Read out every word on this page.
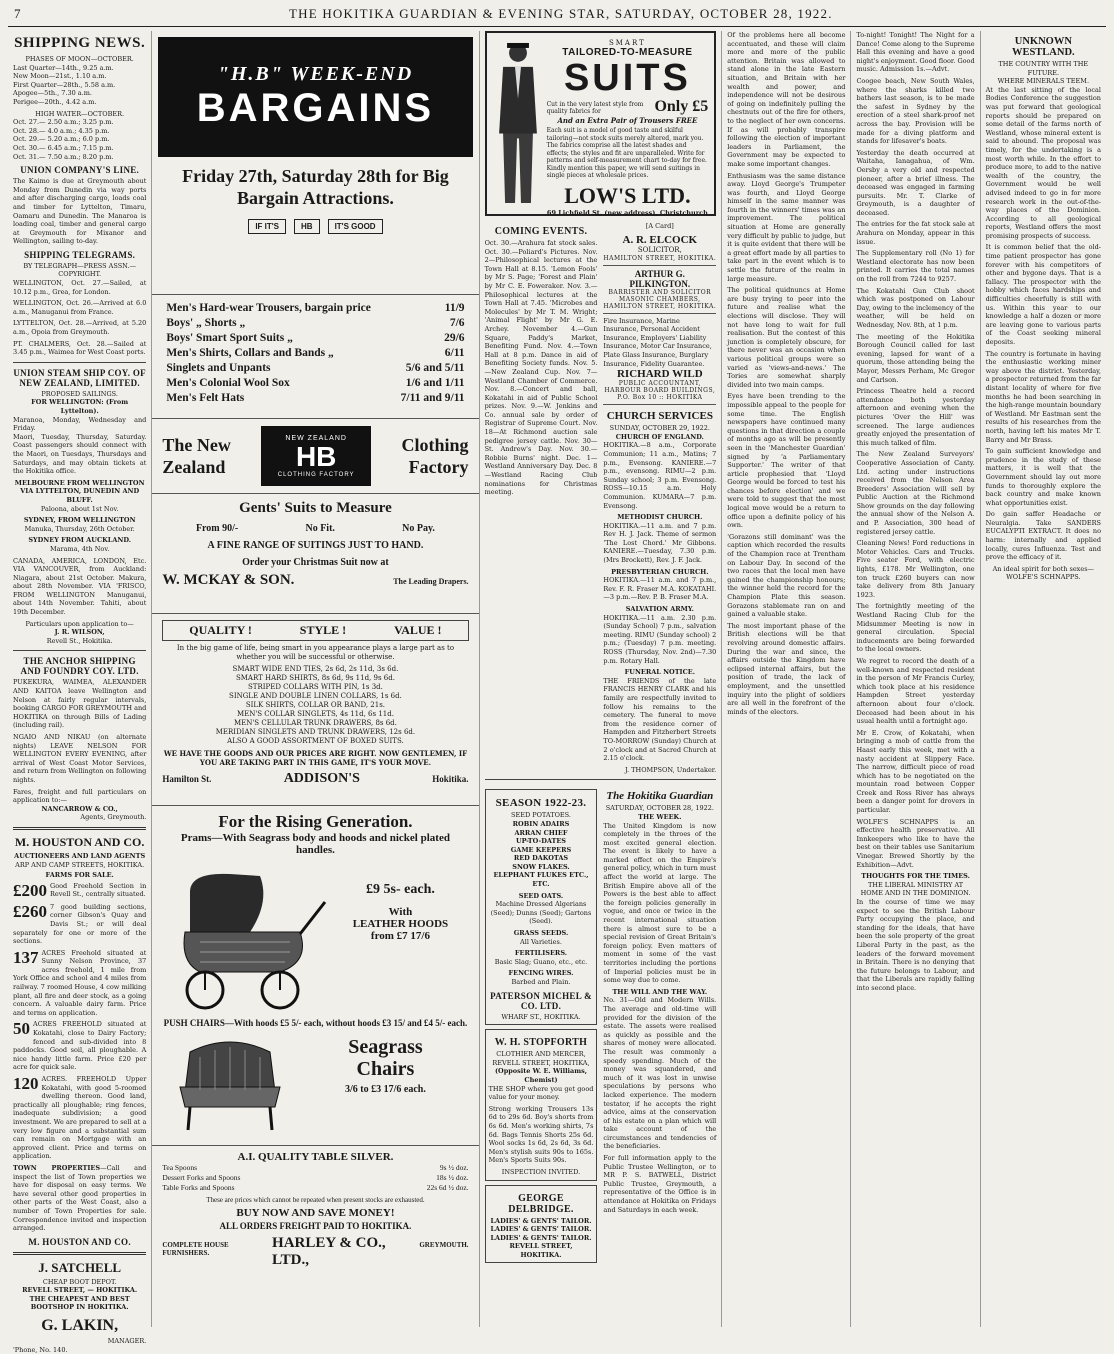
7	THE HOKITIKA GUARDIAN & EVENING STAR, SATURDAY, OCTOBER 28, 1922.
SHIPPING NEWS.
PHASES OF MOON—OCTOBER.
Last Quarter—14th., 9.25 a.m.
New Moon—21st., 1.10 a.m.
First Quarter—28th., 5.58 a.m.
Apogee—5th., 7.30 a.m.
Perigee—20th., 4.42 a.m.
HIGH WATER—OCTOBER.
Oct. 27.— 2.50 a.m.; 3.25 p.m.
Oct. 28.— 4.0 a.m.; 4.35 p.m.
Oct. 29.— 5.20 a.m.; 6.0 p.m.
Oct. 30.— 6.45 a.m.; 7.15 p.m.
Oct. 31.— 7.50 a.m.; 8.20 p.m.
UNION COMPANY'S LINE.
The Kaimo is due at Greymouth about Monday from Dunedin via way ports and after discharging cargo, loads coal and timber for Lyttelton, Timaru, Oamaru and Dunedin. The Manaroa is loading coal, timber and general cargo at Greymouth for Mixanor and Wellington, sailing to-day.
SHIPPING TELEGRAMS.
BY TELEGRAPH—PRESS ASSN.—COPYRIGHT.
WELLINGTON, Oct. 27.—Sailed, at 10.12 p.m., Grea, for London.
WELLINGTON, Oct. 26.—Arrived at 6.0 a.m., Manuganui from France.
LYTTELTON, Oct. 28.—Arrived, at 5.20 a.m., Opoia from Greymouth.
PT. CHALMERS, Oct. 28.—Sailed at 3.45 p.m., Waimea for West Coast ports.
UNION STEAM SHIP COY. OF NEW ZEALAND, LIMITED.
PROPOSED SAILINGS.
FOR WELLINGTON: (From Lyttelton).
Maranoa, Monday, Wednesday and Friday.
Maori, Tuesday, Thursday, Saturday. Coast passengers should connect with the Maori, on Tuesdays, Thursdays and Saturdays, and may obtain tickets at the Hokitika office.
MELBOURNE FROM WELLINGTON VIA LYTTELTON, DUNEDIN AND BLUFF.
Paloona, about 1st Nov.
SYDNEY, FROM WELLINGTON
Manuka, Thursday, 26th October.
SYDNEY FROM AUCKLAND.
Marama, 4th Nov.
CANADA, AMERICA, LONDON, Etc. VIA VANCOUVER, from Auckland: Niagara, about 21st October. Makura, about 28th November. VIA 'FRISCO, FROM WELLINGTON Manuganui, about 14th November. Tahiti, about 19th December.
Particulars upon application to—
J. R. WILSON,
Revell St., Hokitika.
THE ANCHOR SHIPPING AND FOUNDRY COY. LTD.
PUKEKURA, WAIMEA, ALEXANDER AND KAITOA leave Wellington and Nelson at fairly regular intervals, booking CARGO FOR GREYMOUTH and HOKITIKA on through Bills of Lading (including rail).
NGAIO AND NIKAU (on alternate nights) LEAVE NELSON FOR WELLINGTON EVERY EVENING, after arrival of West Coast Motor Services, and return from Wellington on following nights.
Fares, freight and full particulars on application to:—
NANCARROW & CO.,
Agents, Greymouth.
M. HOUSTON AND CO.
AUCTIONEERS AND LAND AGENTS
ARP AND CAMP STREETS, HOKITIKA.
FARMS FOR SALE.
£200 Good Freehold Section in Revell St., centrally situated.
£260 7 good building sections, corner Gibson's Quay and Davis St.; or will deal separately for one or more of the sections.
137 ACRES Freehold situated at Sunny Nelson Province, 37 acres freehold, 1 mile from York Office and school and 4 miles from railway. 7 roomed House, 4 cow milking plant, all fire and deer stock, as a going concern. A valuable dairy farm. Price and terms on application.
50 ACRES FREEHOLD situated at Kokatahi, close to Dairy Factory; fenced and sub-divided into 8 paddocks. Good soil, all ploughable. A nice handy little farm. Price £20 per acre for quick sale.
120 ACRES. FREEHOLD Upper Kokatahi, with good 5-roomed dwelling thereon. Good land, practically all ploughable; ring fences, inadequate subdivision; a good investment. We are prepared to sell at a very low figure and a substantial sum can remain on Mortgage with an approved client. Price and terms on application.
TOWN PROPERTIES—Call and inspect the list of Town properties we have for disposal on easy terms. We have several other good properties in other parts of the West Coast, also a number of Town Properties for sale. Correspondence invited and inspection arranged.
M. HOUSTON AND CO.
J. SATCHELL
CHEAP BOOT DEPOT.
REVELL STREET, — HOKITIKA.
THE CHEAPEST AND BEST BOOTSHOP IN HOKITIKA.
G. LAKIN,
MANAGER.
'Phone, No. 140.
"H.B" WEEK-END
BARGAINS
Friday 27th, Saturday 28th for Big Bargain Attractions.
IF IT'S	HB	IT'S GOOD
Men's Hard-wear Trousers, bargain price	11/9
Boys' „ Shorts „	7/6
Boys' Smart Sport Suits „	29/6
Men's Shirts, Collars and Bands „	6/11
Singlets and Unpants	5/6 and 5/11
Men's Colonial Wool Sox	1/6 and 1/11
Men's Felt Hats	7/11 and 9/11
The New
Zealand
NEW ZEALAND
HB
CLOTHING FACTORY
Clothing
Factory
Gents' Suits to Measure
From 90/-	No Fit.	No Pay.
A FINE RANGE OF SUITINGS JUST TO HAND.
Order your Christmas Suit now at
W. MCKAY & SON.	The Leading Drapers.
QUALITY !	STYLE !	VALUE !
In the big game of life, being smart in you appearance plays a large part as to whether you will be successful or otherwise.
SMART WIDE END TIES, 2s 6d, 2s 11d, 3s 6d.
SMART HARD SHIRTS, 8s 6d, 9s 11d, 9s 6d.
STRIPED COLLARS WITH PIN, 1s 3d.
SINGLE AND DOUBLE LINEN COLLARS, 1s 6d.
SILK SHIRTS, COLLAR OR BAND, 21s.
MEN'S COLLAR SINGLETS, 4s 11d, 6s 11d.
MEN'S CELLULAR TRUNK DRAWERS, 8s 6d.
MERIDIAN SINGLETS AND TRUNK DRAWERS, 12s 6d.
ALSO A GOOD ASSORTMENT OF BOXED SUITS.
WE HAVE THE GOODS AND OUR PRICES ARE RIGHT. NOW GENTLEMEN, IF YOU ARE TAKING PART IN THIS GAME, IT'S YOUR MOVE.
Hamilton St.	ADDISON'S	Hokitika.
For the Rising Generation.
Prams—With Seagrass body and hoods and nickel plated handles.
£9 5s- each.
With
LEATHER HOODS
from £7 17/6
PUSH CHAIRS—With hoods £5 5/- each, without hoods £3 15/ and £4 5/- each.
Seagrass
Chairs
3/6 to £3 17/6 each.
A.I. QUALITY TABLE SILVER.
Tea Spoons	9s ½ doz.
Dessert Forks and Spoons	18s ½ doz.
Table Forks and Spoons	22s 6d ½ doz.
These are prices which cannot be repeated when present stocks are exhausted.
BUY NOW AND SAVE MONEY!
ALL ORDERS FREIGHT PAID TO HOKITIKA.
COMPLETE HOUSE FURNISHERS.
HARLEY & CO., LTD.,
GREYMOUTH.
SMART
TAILORED-TO-MEASURE
SUITS
Cut in the very latest style from quality fabrics for	Only £5
And an Extra Pair of Trousers FREE
Each suit is a model of good taste and skilful tailoring—not stock suits merely altered, mark you. The fabrics comprise all the latest shades and effects; the styles and fit are unparalleled. Write for patterns and self-measurement chart to-day for free. Kindly mention this paper, we will send suitings in single pieces at wholesale prices.
LOW'S LTD.
69 Lichfield St. (new address), Christchurch
COMING EVENTS.
Oct. 30.—Arahura fat stock sales. Oct. 30.—Poliard's Pictures. Nov. 2—Philosophical lectures at the Town Hall at 8.15. 'Lemon Fools' by Mr S. Page; 'Forest and Plain' by Mr C. E. Foweraker. Nov. 3.—Philosophical lectures at the Town Hall at 7.45. 'Microbes and Molecules' by Mr T. M. Wright; 'Animal Flight' by Mr G. E. Archey. November 4.—Gun Square, Paddy's Market, Benefiting Fund. Nov. 4.—Town Hall at 8 p.m. Dance in aid of Benefiting Society funds. Nov. 5.—New Zealand Cup. Nov. 7—Westland Chamber of Commerce. Nov. 8.—Concert and ball, Kokatahi in aid of Public School prizes. Nov. 9.—W. Jenkins and Co. annual sale by order of Registrar of Supreme Court. Nov. 18—At Richmond auction sale pedigree jersey cattle. Nov. 30—St. Andrew's Day. Nov. 30.—Robbie Burns' night. Dec. 1—Westland Anniversary Day. Dec. 8—Westland Racing Club nominations for Christmas meeting.
[A Card]
A. R. ELCOCK
SOLICITOR,
HAMILTON STREET, HOKITIKA.
ARTHUR G. PILKINGTON.
BARRISTER AND SOLICITOR
MASONIC CHAMBERS,
HAMILTON STREET, HOKITIKA.
Fire Insurance, Marine Insurance, Personal Accident Insurance, Employers' Liability Insurance, Motor Car Insurance, Plate Glass Insurance, Burglary Insurance, Fidelity Guarantee.
RICHARD WILD
PUBLIC ACCOUNTANT,
HARBOUR BOARD BUILDINGS, P.O. Box 10 :: HOKITIKA
CHURCH SERVICES
SUNDAY, OCTOBER 29, 1922.
CHURCH OF ENGLAND.
HOKITIKA.—8 a.m., Corporate Communion; 11 a.m., Matins; 7 p.m., Evensong. KANIERE.—7 p.m., evensong. RIMU—2 p.m. Sunday school; 3 p.m. Evensong. ROSS—10.15 a.m. Holy Communion. KUMARA—7 p.m. Evensong.
METHODIST CHURCH.
HOKITIKA.—11 a.m. and 7 p.m. Rev H. J. Jack. Theme of sermon 'The Lost Chord.' Mr Gibbons. KANIERE.—Tuesday, 7.30 p.m. (Mrs Brockett), Rev. J. F. Jack.
PRESBYTERIAN CHURCH.
HOKITIKA.—11 a.m. and 7 p.m., Rev. F. R. Fraser M.A. KOKATAHI.—3 p.m.—Rev. P. B. Fraser M.A.
SALVATION ARMY.
HOKITIKA.—11 a.m. 2.30 p.m. (Sunday School) 7 p.m., salvation meeting. RIMU (Sunday school) 2 p.m.; (Tuesday) 7 p.m. meeting. ROSS (Thursday, Nov. 2nd)—7.30 p.m. Rotary Hall.
FUNERAL NOTICE.
THE FRIENDS of the late FRANCIS HENRY CLARK and his family are respectfully invited to follow his remains to the cemetery. The funeral to move from the residence corner of Hampden and Fitzherbert Streets TO-MORROW (Sunday) Church at 2 o'clock and at Sacred Church at 2.15 o'clock.
J. THOMPSON, Undertaker.
SEASON 1922-23.
SEED POTATOES.
ROBIN ADAIRS
ARRAN CHIEF
UP-TO-DATES
GAME KEEPERS
RED DAKOTAS
SNOW FLAKES.
ELEPHANT FLUKES ETC., ETC.
SEED OATS.
Machine Dressed Algerians (Seed); Dunns (Seed); Gartons (Seed).
GRASS SEEDS.
All Varieties.
FERTILISERS.
Basic Slag; Guano, etc., etc.
FENCING WIRES.
Barbed and Plain.
PATERSON MICHEL & CO. LTD.
WHARF ST., HOKITIKA.
W. H. STOPFORTH
CLOTHIER AND MERCER,
REVELL STREET, HOKITIKA,
(Opposite W. E. Williams, Chemist)
THE SHOP where you get good value for your money.
Strong working Trousers 13s 6d to 29s 6d. Boy's shorts from 6s 6d. Men's working shirts, 7s 6d. Bags Tennis Shorts 25s 6d. Wool socks 1s 6d, 2s 6d, 3s 6d. Men's stylish suits 90s to 165s. Men's Sports Suits 90s.
INSPECTION INVITED.
GEORGE DELBRIDGE.
LADIES' & GENTS' TAILOR.
LADIES' & GENTS' TAILOR.
LADIES' & GENTS' TAILOR.
REVELL STREET, HOKITIKA.
The Hokitika Guardian
SATURDAY, OCTOBER 28, 1922.
THE WEEK.
The United Kingdom is now completely in the throes of the most excited general election. The event is likely to have a marked effect on the Empire's general policy, which in turn must affect the world at large. The British Empire above all of the Powers is the best able to affect the foreign policies generally in vogue, and once or twice in the recent international situation there is almost sure to be a special revision of Great Britain's foreign policy. Even matters of moment in some of the vast territories including the portions of Imperial policies must be in some way due to come.
THE WILL AND THE WAY.
No. 31—Old and Modern Wills. The average and old-time will provided for the division of the estate. The assets were realised as quickly as possible and the shares of money were allocated. The result was commonly a speedy spending. Much of the money was squandered, and much of it was lost in unwise speculations by persons who lacked experience. The modern testator, if he accepts the right advice, aims at the conservation of his estate on a plan which will take account of the circumstances and tendencies of the beneficiaries.
For full information apply to the Public Trustee Wellington, or to MR P. S. BATWELL, District Public Trustee, Greymouth, a representative of the Office is in attendance at Hokitika on Fridays and Saturdays in each week.
Of the problems here all become accentuated, and these will claim more and more of the public attention. Britain was allowed to stand alone in the late Eastern situation, and Britain with her wealth and power, and independence will not be desirous of going on indefinitely pulling the chestnuts out of the fire for others, to the neglect of her own concerns. If as will probably transpire following the election of important leaders in Parliament, the Government may be expected to make some important changes.
Enthusiasm was the same distance away. Lloyd George's Trumpeter was fourth, and Lloyd George himself in the same manner was fourth in the winners' times was an improvement. The political situation at Home are generally very difficult by public to judge, but it is quite evident that there will be a great effort made by all parties to take part in the event which is to settle the future of the realm in large measure.
The political quidnuncs at Home are busy trying to peer into the future and realise what the elections will disclose. They will not have long to wait for full realisation. But the contest of this junction is completely obscure, for there never was an occasion when various political groups were so varied as 'views-and-news.' The Tories are somewhat sharply divided into two main camps.
Eyes have been trending to the impossible appeal to the people for some time. The English newspapers have continued many questions in that direction a couple of months ago as will be presently seen in the 'Manchester Guardian' signed by 'a Parliamentary Supporter.' The writer of that article prophesied that 'Lloyd George would be forced to test his chances before election' and we were told to suggest that the most logical move would be a return to office upon a definite policy of his own.
'Gorazons still dominant' was the caption which recorded the results of the Champion race at Trentham on Labour Day. In second of the two races that the local men have gained the championship honours; the winner held the record for the Champion Plate this season. Gorazons stablemate ran on and gained a valuable stake.
The most important phase of the British elections will be that revolving around domestic affairs. During the war and since, the affairs outside the Kingdom have eclipsed internal affairs, but the position of trade, the lack of employment, and the unsettled inquiry into the plight of soldiers are all well in the forefront of the minds of the electors.
To-night! Tonight! The Night for a Dance! Come along to the Supreme Hall this evening and have a good night's enjoyment. Good floor. Good music. Admission 1s.—Advt.
Coogee beach, New South Wales, where the sharks killed two bathers last season, is to be made the safest in Sydney by the erection of a steel shark-proof net across the bay. Provision will be made for a diving platform and stands for lifesaver's boats.
Yesterday the death occurred at Waitaha, Ianagahua, of Wm. Oersby a very old and respected pioneer, after a brief illness. The deceased was engaged in farming pursuits. Mr. T. Clarke of Greymouth, is a daughter of deceased.
The entries for the fat stock sale at Arahura on Monday, appear in this issue.
The Supplementary roll (No 1) for Westland electorate has now been printed. It carries the total names on the roll from 7244 to 9257.
The Kokatahi Gun Club shoot which was postponed on Labour Day, owing to the inclemency of the weather, will be held on Wednesday, Nov. 8th, at 1 p.m.
The meeting of the Hokitika Borough Council called for last evening, lapsed for want of a quorum, those attending being the Mayor, Messrs Perham, Mc Gregor and Carlson.
Princess Theatre held a record attendance both yesterday afternoon and evening when the pictures 'Over the Hill' was screened. The large audiences greatly enjoyed the presentation of this much talked of film.
The New Zealand Surveyors' Cooperative Association of Canty. Ltd. acting under instructions received from the Nelson Area Breeders' Association will sell by Public Auction at the Richmond Show grounds on the day following the annual show of the Nelson A. and P. Association, 300 head of registered jersey cattle.
Cleaning News! Ford reductions in Motor Vehicles. Cars and Trucks. Five seater Ford, with electric lights, £178. Mr Wellington, one ton truck £260 buyers can now take delivery from 8th January 1923.
The fortnightly meeting of the Westland Racing Club for the Midsummer Meeting is now in general circulation. Special inducements are being forwarded to the local owners.
We regret to record the death of a well-known and respected resident in the person of Mr Francis Curley, which took place at his residence Hampden Street yesterday afternoon about four o'clock. Deceased had been about in his usual health until a fortnight ago.
Mr E. Crow, of Kokatahi, when bringing a mob of cattle from the Haast early this week, met with a nasty accident at Slippery Face. The narrow, difficult piece of road which has to be negotiated on the mountain road between Copper Creek and Ross River has always been a danger point for drovers in particular.
WOLFE'S SCHNAPPS is an effective health preservative. All Innkeepers who like to have the best on their tables use Sanitarium Vinegar. Brewed Shortly by the Exhibition—Advt.
THOUGHTS FOR THE TIMES.
THE LIBERAL MINISTRY AT HOME AND IN THE DOMINION.
In the course of time we may expect to see the British Labour Party occupying the place, and standing for the ideals, that have been the sole property of the great Liberal Party in the past, as the leaders of the forward movement in Britain. There is no denying that the future belongs to Labour, and that the Liberals are rapidly falling into second place.
UNKNOWN WESTLAND.
THE COUNTRY WITH THE FUTURE.
WHERE MINERALS TEEM.
At the last sitting of the local Bodies Conference the suggestion was put forward that geological reports should be prepared on some detail of the farms north of Westland, whose mineral extent is said to abound. The proposal was timely, for the undertaking is a most worth while. In the effort to produce more, to add to the native wealth of the country, the Government would be well advised indeed to go in for more research work in the out-of-the-way places of the Dominion. According to all geological reports, Westland offers the most promising prospects of success.
It is common belief that the old-time patient prospector has gone forever with his competitors of other and bygone days. That is a fallacy. The prospector with the hobby which faces hardships and difficulties cheerfully is still with us. Within this year to our knowledge a half a dozen or more are leaving gone to various parts of the Coast seeking mineral deposits.
The country is fortunate in having the enthusiastic working miner way above the district. Yesterday, a prospector returned from the far distant locality of where for five months he had been searching in the high-range mountain boundary of Westland. Mr Eastman sent the results of his researches from the north, having left his mates Mr T. Barry and Mr Brass.
To gain sufficient knowledge and prudence in the study of these matters, it is well that the Government should lay out more funds to thoroughly explore the back country and make known what opportunities exist.
Do gain saffer Headache or Neuralgia. Take SANDERS EUCALYPTI EXTRACT. It does no harm: internally and applied locally, cures Influenza. Test and prove the efficacy of it.
An ideal spirit for both sexes—WOLFE'S SCHNAPPS.
